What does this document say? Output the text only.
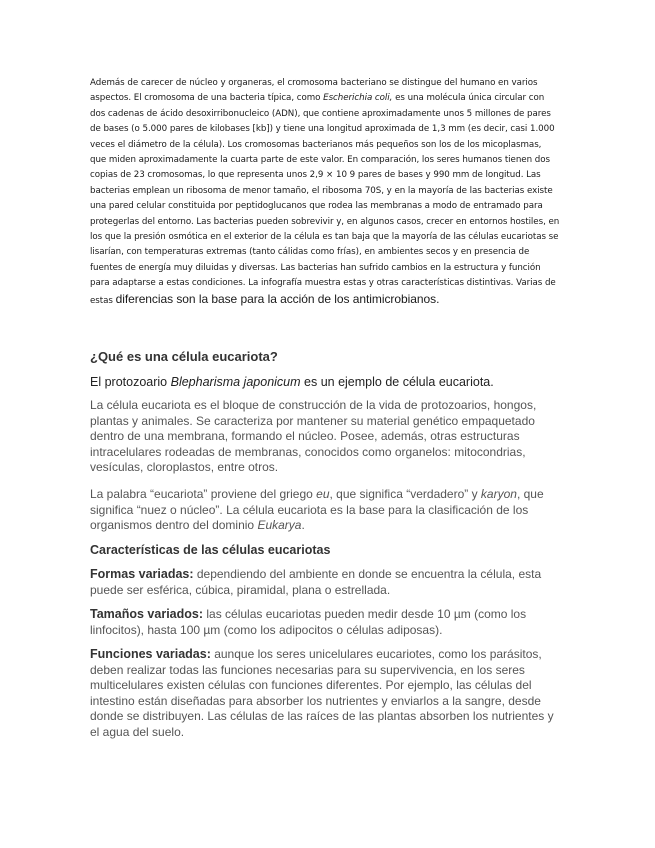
Además de carecer de núcleo y organeras, el cromosoma bacteriano se distingue del humano en varios aspectos. El cromosoma de una bacteria típica, como Escherichia coli, es una molécula única circular con dos cadenas de ácido desoxirribonucleico (ADN), que contiene aproximadamente unos 5 millones de pares de bases (o 5.000 pares de kilobases [kb]) y tiene una longitud aproximada de 1,3 mm (es decir, casi 1.000 veces el diámetro de la célula). Los cromosomas bacterianos más pequeños son los de los micoplasmas, que miden aproximadamente la cuarta parte de este valor. En comparación, los seres humanos tienen dos copias de 23 cromosomas, lo que representa unos 2,9 × 10 9 pares de bases y 990 mm de longitud. Las bacterias emplean un ribosoma de menor tamaño, el ribosoma 70S, y en la mayoría de las bacterias existe una pared celular constituida por peptidoglucanos que rodea las membranas a modo de entramado para protegerlas del entorno. Las bacterias pueden sobrevivir y, en algunos casos, crecer en entornos hostiles, en los que la presión osmótica en el exterior de la célula es tan baja que la mayoría de las células eucariotas se lisarían, con temperaturas extremas (tanto cálidas como frías), en ambientes secos y en presencia de fuentes de energía muy diluidas y diversas. Las bacterias han sufrido cambios en la estructura y función para adaptarse a estas condiciones. La infografía muestra estas y otras características distintivas. Varias de estas diferencias son la base para la acción de los antimicrobianos.
¿Qué es una célula eucariota?
El protozoario Blepharisma japonicum es un ejemplo de célula eucariota.
La célula eucariota es el bloque de construcción de la vida de protozoarios, hongos, plantas y animales. Se caracteriza por mantener su material genético empaquetado dentro de una membrana, formando el núcleo. Posee, además, otras estructuras intracelulares rodeadas de membranas, conocidos como organelos: mitocondrias, vesículas, cloroplastos, entre otros.
La palabra “eucariota” proviene del griego eu, que significa “verdadero” y karyon, que significa “nuez o núcleo”. La célula eucariota es la base para la clasificación de los organismos dentro del dominio Eukarya.
Características de las células eucariotas
Formas variadas: dependiendo del ambiente en donde se encuentra la célula, esta puede ser esférica, cúbica, piramidal, plana o estrellada.
Tamaños variados: las células eucariotas pueden medir desde 10 µm (como los linfocitos), hasta 100 µm (como los adipocitos o células adiposas).
Funciones variadas: aunque los seres unicelulares eucariotes, como los parásitos, deben realizar todas las funciones necesarias para su supervivencia, en los seres multicelulares existen células con funciones diferentes. Por ejemplo, las células del intestino están diseñadas para absorber los nutrientes y enviarlos a la sangre, desde donde se distribuyen. Las células de las raíces de las plantas absorben los nutrientes y el agua del suelo.
